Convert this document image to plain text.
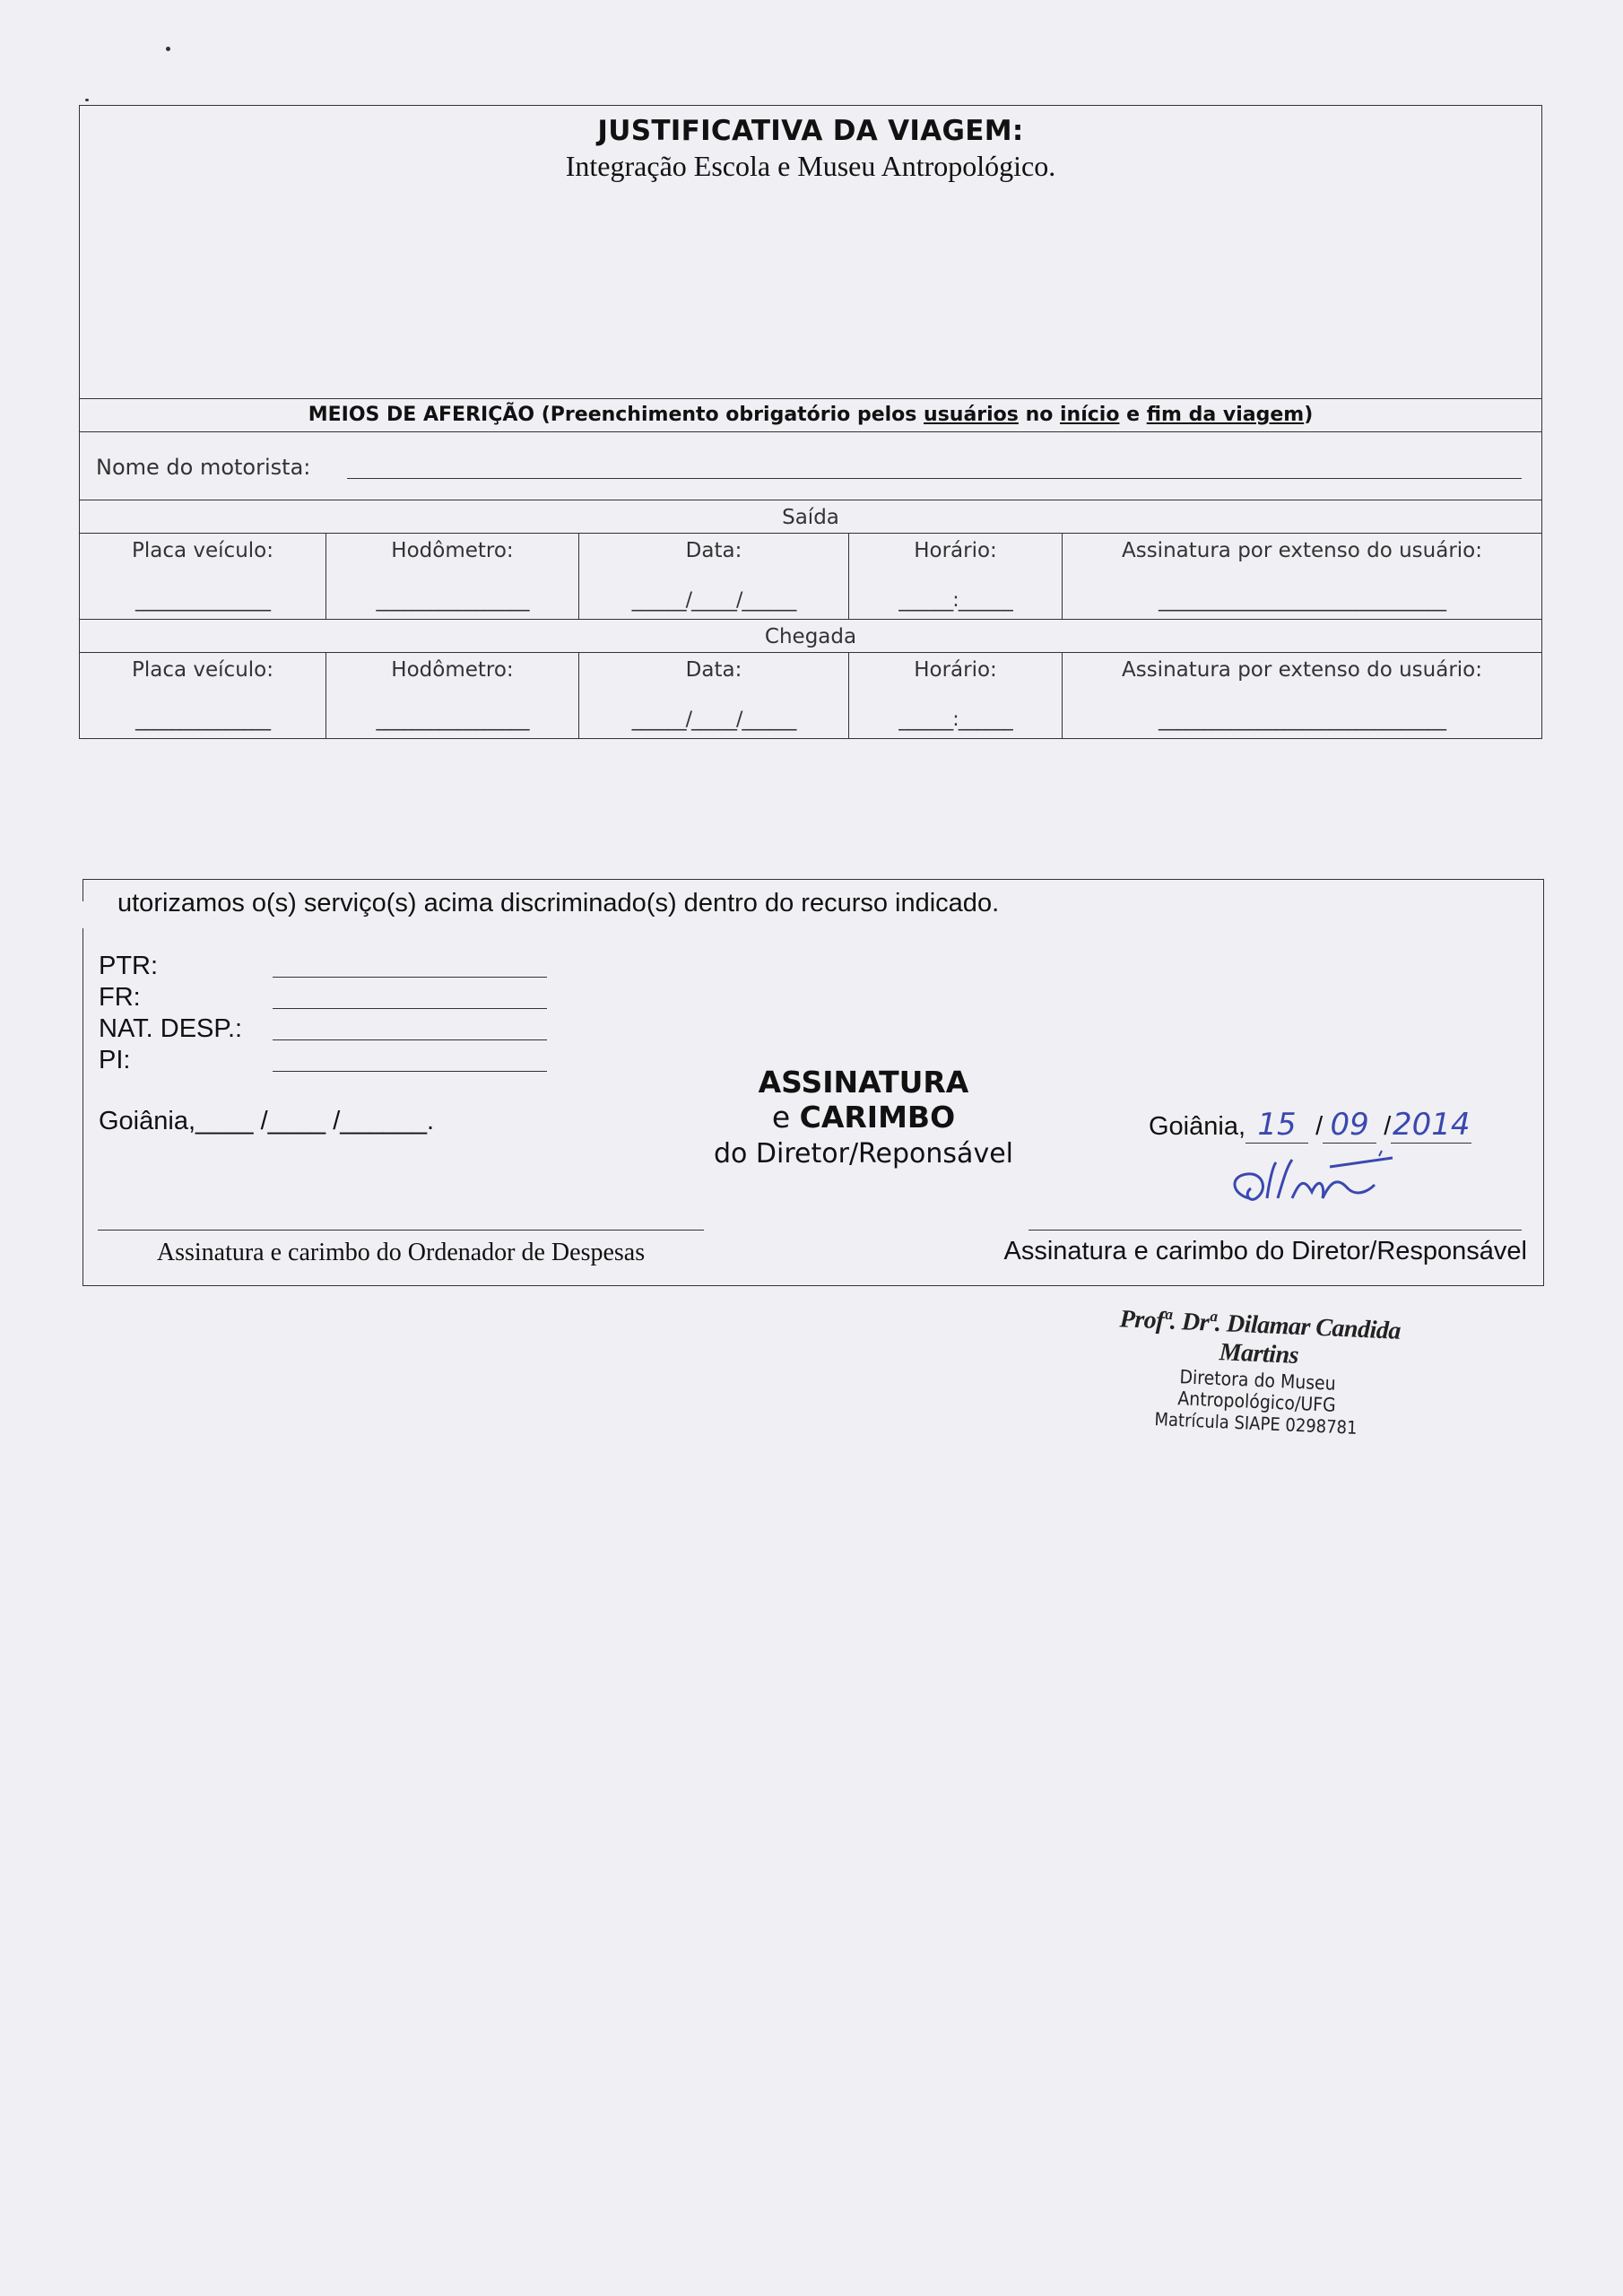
JUSTIFICATIVA DA VIAGEM:
Integração Escola e Museu Antropológico.
MEIOS DE AFERIÇÃO (Preenchimento obrigatório pelos usuários no início e fim da viagem)
Nome do motorista:
Saída
Placa veículo:
_______________
Hodômetro:
_________________
Data:
______/_____/______
Horário:
______:______
Assinatura por extenso do usuário:
________________________________
Chegada
Placa veículo:
_______________
Hodômetro:
_________________
Data:
______/_____/______
Horário:
______:______
Assinatura por extenso do usuário:
________________________________
utorizamos o(s) serviço(s) acima discriminado(s) dentro do recurso indicado.
PTR:
FR:
NAT. DESP.:
PI:
Goiânia,____ /____ /______.
ASSINATURA
e CARIMBO
do Diretor/Reponsável
Goiânia, 15 / 09 /2014
Assinatura e carimbo do Ordenador de Despesas	Assinatura e carimbo do Diretor/Responsável
Profª. Drª. Dilamar Candida Martins
Diretora do Museu Antropológico/UFG
Matrícula SIAPE 0298781
